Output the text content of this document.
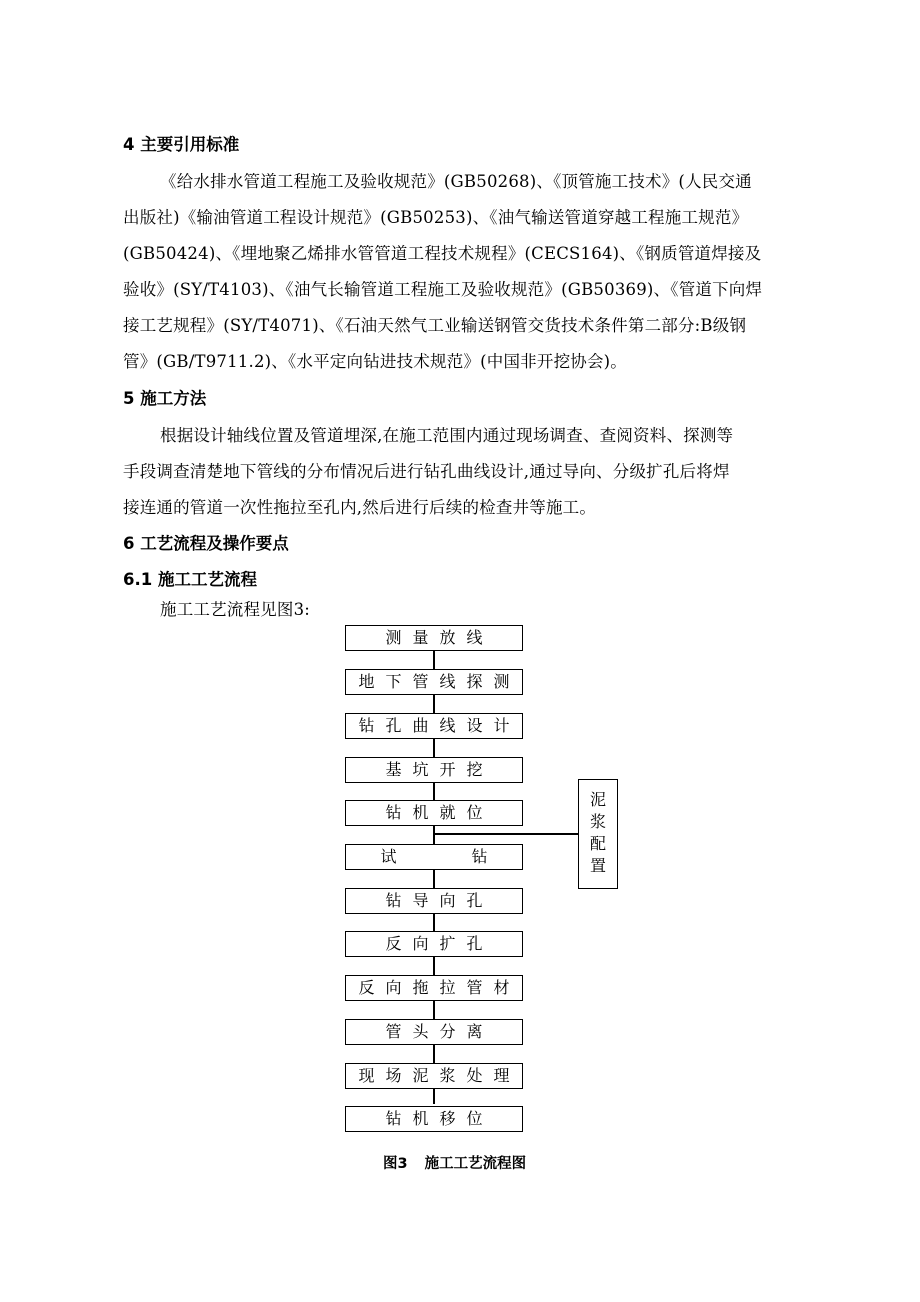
4 主要引用标准
《给水排水管道工程施工及验收规范》(GB50268)、《顶管施工技术》(人民交通
出版社)《输油管道工程设计规范》(GB50253)、《油气输送管道穿越工程施工规范》
(GB50424)、《埋地聚乙烯排水管管道工程技术规程》(CECS164)、《钢质管道焊接及
验收》(SY/T4103)、《油气长输管道工程施工及验收规范》(GB50369)、《管道下向焊
接工艺规程》(SY/T4071)、《石油天然气工业输送钢管交货技术条件第二部分:B级钢
管》(GB/T9711.2)、《水平定向钻进技术规范》(中国非开挖协会)。
5 施工方法
根据设计轴线位置及管道埋深,在施工范围内通过现场调查、查阅资料、探测等
手段调查清楚地下管线的分布情况后进行钻孔曲线设计,通过导向、分级扩孔后将焊
接连通的管道一次性拖拉至孔内,然后进行后续的检查井等施工。
6 工艺流程及操作要点
6.1 施工工艺流程
施工工艺流程见图3:
测量放线
地下管线探测
钻孔曲线设计
基坑开挖
钻机就位
试 钻
钻导向孔
反向扩孔
反向拖拉管材
管头分离
现场泥浆处理
钻机移位
泥
浆
配
置
图3 施工工艺流程图
